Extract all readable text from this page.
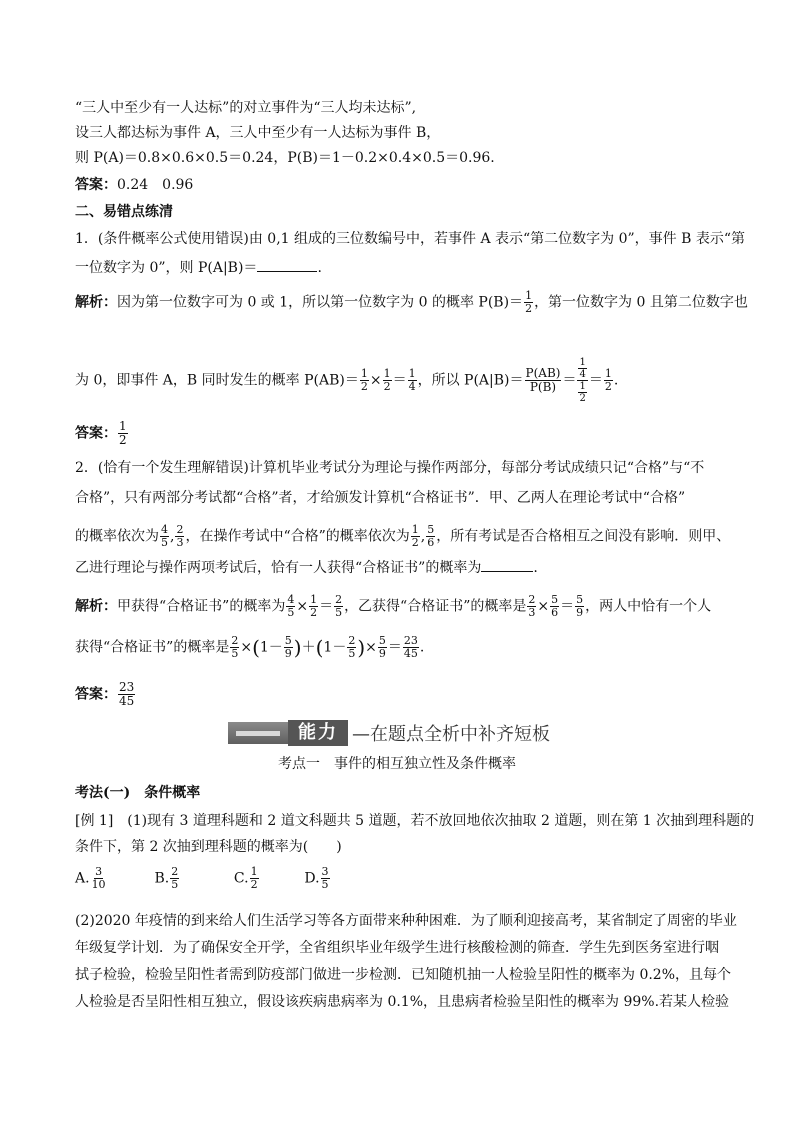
“三人中至少有一人达标”的对立事件为“三人均未达标”,
设三人都达标为事件 A，三人中至少有一人达标为事件 B，
则 P(A)＝0.8×0.6×0.5＝0.24，P(B)＝1－0.2×0.4×0.5＝0.96.
答案：0.24　0.96
二、易错点练清
1．(条件概率公式使用错误)由 0,1 组成的三位数编号中，若事件 A 表示“第二位数字为 0”，事件 B 表示“第
一位数字为 0”，则 P(A|B)＝	.
解析：因为第一位数字可为 0 或 1，所以第一位数字为 0 的概率 $P(B)= \frac{1}{2}$ ，第一位数字为 0 且第二位数字也
为 0，即事件 A，B 同时发生的概率 $P(AB)= \frac{1}{2} \times \frac{1}{2} = \frac{1}{4}$ ，所以 $P(A|B)= \frac{P(AB)}{P(B)} = 1$
4
1
$2 = \frac{1}{2}$ .
答案： $\frac{1}{2}$
2．(恰有一个发生理解错误)计算机毕业考试分为理论与操作两部分，每部分考试成绩只记“合格”与“不
合格”，只有两部分考试都“合格”者，才给颁发计算机“合格证书”．甲、乙两人在理论考试中“合格”
的概率依次为 $\frac{4}{5}$ , $\frac{2}{3}$ ，在操作考试中“合格”的概率依次为 $\frac{1}{2}$ , $\frac{5}{6}$ ，所有考试是否合格相互之间没有影响．则甲、
乙进行理论与操作两项考试后，恰有一人获得“合格证书”的概率为	.
解析：甲获得“合格证书”的概率为 $\frac{4}{5} \times \frac{1}{2} = \frac{2}{5}$ ，乙获得“合格证书”的概率是 $\frac{2}{3} \times \frac{5}{6} = \frac{5}{9}$ ，两人中恰有一个人
获得“合格证书”的概率是 $\frac{2}{5} \times(1- \frac{5}{9} )+(1- \frac{2}{5}$ )× $\frac{5}{9} = \frac{23}{45}$ .
答案： $\frac{23}{45}$
能力 —在题点全析中补齐短板
考点一　事件的相互独立性及条件概率
考法(一)　条件概率
[例 1]　(1)现有 3 道理科题和 2 道文科题共 5 道题，若不放回地依次抽取 2 道题，则在第 1 次抽到理科题的
条件下，第 2 次抽到理科题的概率为(　　)
A. $\frac{3}{10}$	B. $\frac{2}{5}$	C. $\frac{1}{2}$	D. $\frac{3}{5}$
(2)2020 年疫情的到来给人们生活学习等各方面带来种种困难．为了顺利迎接高考，某省制定了周密的毕业
年级复学计划．为了确保安全开学，全省组织毕业年级学生进行核酸检测的筛查．学生先到医务室进行咽
拭子检验，检验呈阳性者需到防疫部门做进一步检测．已知随机抽一人检验呈阳性的概率为 0.2%，且每个
人检验是否呈阳性相互独立，假设该疾病患病率为 0.1%，且患病者检验呈阳性的概率为 99%.若某人检验
